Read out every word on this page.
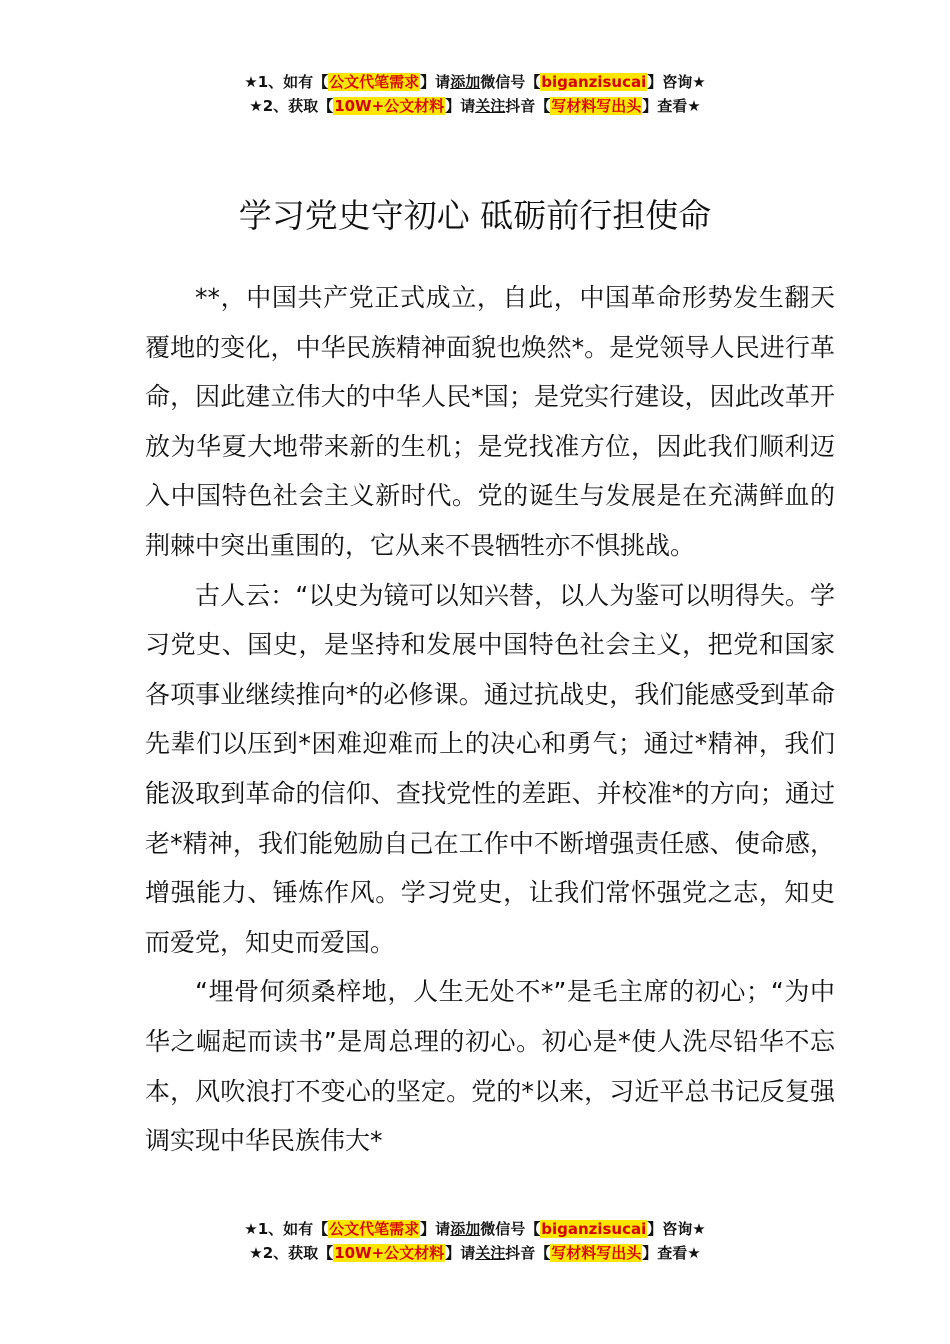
★1、如有【公文代笔需求】请添加微信号【biganzisucai】咨询★
★2、获取【10W+公文材料】请关注抖音【写材料写出头】查看★
学习党史守初心 砥砺前行担使命

**，中国共产党正式成立，自此，中国革命形势发生翻天覆地的变化，中华民族精神面貌也焕然*。是党领导人民进行革命，因此建立伟大的中华人民*国；是党实行建设，因此改革开放为华夏大地带来新的生机；是党找准方位，因此我们顺利迈入中国特色社会主义新时代。党的诞生与发展是在充满鲜血的荆棘中突出重围的，它从来不畏牺牲亦不惧挑战。

古人云：“以史为镜可以知兴替，以人为鉴可以明得失。学习党史、国史，是坚持和发展中国特色社会主义，把党和国家各项事业继续推向*的必修课。通过抗战史，我们能感受到革命先辈们以压到*困难迎难而上的决心和勇气；通过*精神，我们能汲取到革命的信仰、查找党性的差距、并校准*的方向；通过老*精神，我们能勉励自己在工作中不断增强责任感、使命感，增强能力、锤炼作风。学习党史，让我们常怀强党之志，知史而爱党，知史而爱国。

“埋骨何须桑梓地，人生无处不*”是毛主席的初心；“为中华之崛起而读书”是周总理的初心。初心是*使人洗尽铅华不忘本，风吹浪打不变心的坚定。党的*以来，习近平总书记反复强调实现中华民族伟大*

★1、如有【公文代笔需求】请添加微信号【biganzisucai】咨询★
★2、获取【10W+公文材料】请关注抖音【写材料写出头】查看★
